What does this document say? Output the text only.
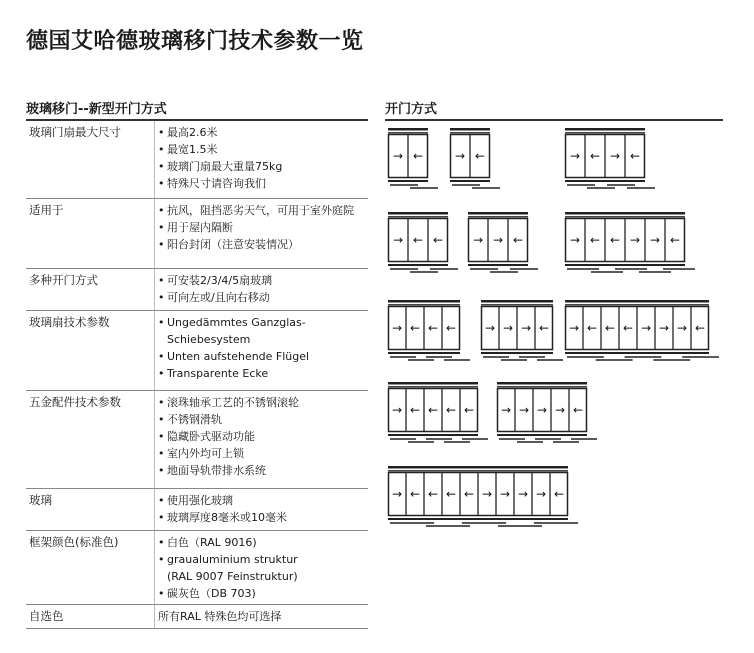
德国艾哈德玻璃移门技术参数一览
玻璃移门--新型开门方式	开门方式
玻璃门扇最大尺寸	• 最高2.6米
• 最宽1.5米
• 玻璃门扇最大重量75kg
• 特殊尺寸请咨询我们
适用于	• 抗风，阻挡恶劣天气，可用于室外庭院
• 用于屋内隔断
• 阳台封闭（注意安装情况）
多种开门方式	• 可安装2/3/4/5扇玻璃
• 可向左或/且向右移动
玻璃扇技术参数	• Ungedämmtes Ganzglas-
Schiebesystem
• Unten aufstehende Flügel
• Transparente Ecke
五金配件技术参数	• 滚珠轴承工艺的不锈钢滚轮
• 不锈钢滑轨
• 隐藏卧式驱动功能
• 室内外均可上锁
• 地面导轨带排水系统
玻璃	• 使用强化玻璃
• 玻璃厚度8毫米或10毫米
框架颜色(标准色)	• 白色（RAL 9016)
• graualuminium struktur
(RAL 9007 Feinstruktur)
• 碳灰色（DB 703)
自选色	所有RAL 特殊色均可选择
→ ←	→ ←	→ ← → ←
→ ← ← → → ←	→ ← ← → → ←
→ ← ← ← → → → ← → ← ← ← → → → ←
→ ← ← ← ← → → → → ←
→ ← ← ← ← → → → → ←
